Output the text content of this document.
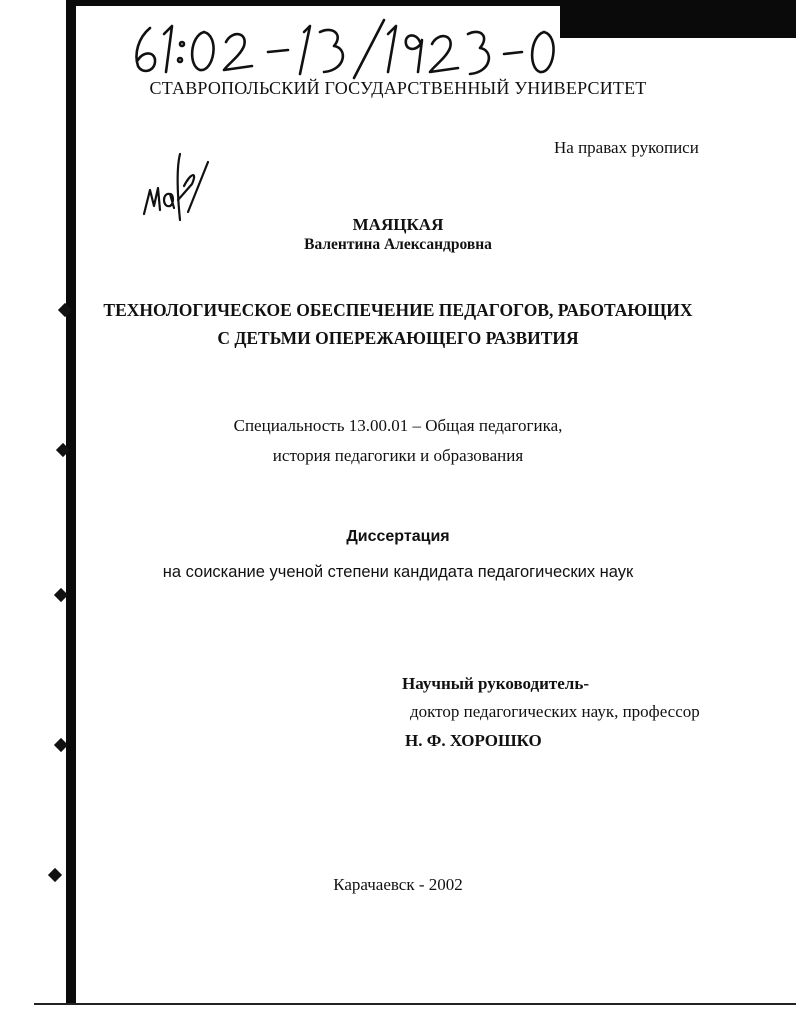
СТАВРОПОЛЬСКИЙ ГОСУДАРСТВЕННЫЙ УНИВЕРСИТЕТ
На правах рукописи
МАЯЦКАЯ
Валентина Александровна
ТЕХНОЛОГИЧЕСКОЕ ОБЕСПЕЧЕНИЕ ПЕДАГОГОВ, РАБОТАЮЩИХ
С ДЕТЬМИ ОПЕРЕЖАЮЩЕГО РАЗВИТИЯ
Специальность 13.00.01 – Общая педагогика,
история педагогики и образования
Диссертация
на соискание ученой степени кандидата педагогических наук
Научный руководитель-
доктор педагогических наук, профессор
Н. Ф. ХОРОШКО
Карачаевск - 2002
